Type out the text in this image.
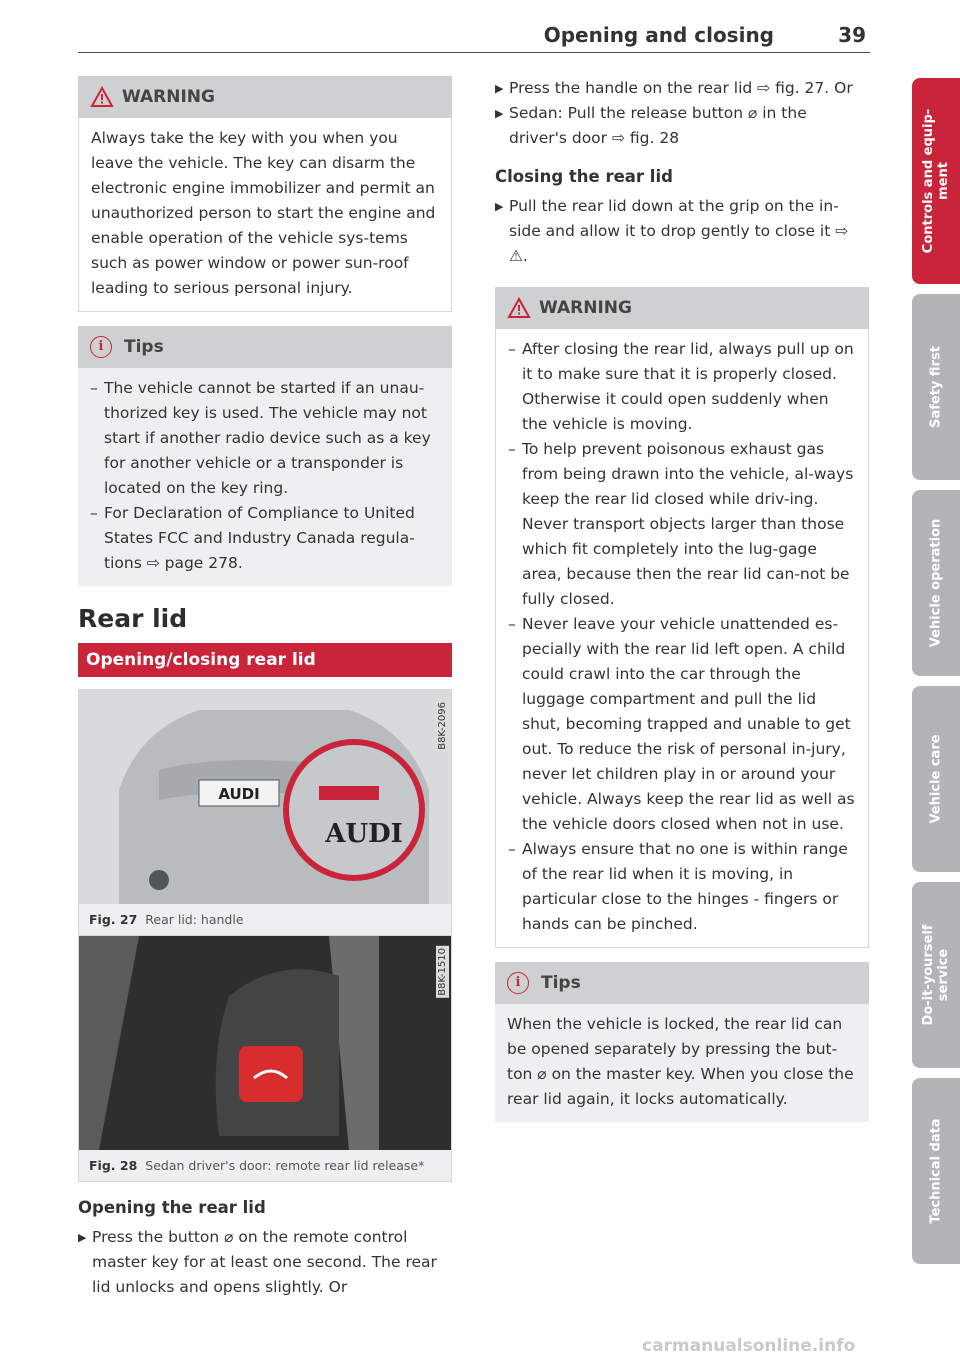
Opening and closing	39
WARNING
Always take the key with you when you leave the vehicle. The key can disarm the electronic engine immobilizer and permit an unauthorized person to start the engine and enable operation of the vehicle sys-tems such as power window or power sun-roof leading to serious personal injury.
i	Tips
– The vehicle cannot be started if an unau-thorized key is used. The vehicle may not start if another radio device such as a key for another vehicle or a transponder is located on the key ring.
– For Declaration of Compliance to United States FCC and Industry Canada regula-tions ⇨ page 278.
Rear lid
Opening/closing rear lid
AUDI
AUDI
B8K-2096
Fig. 27 Rear lid: handle
B8K-1510
Fig. 28 Sedan driver's door: remote rear lid release*
Opening the rear lid
▶ Press the button ⌀ on the remote control master key for at least one second. The rear lid unlocks and opens slightly. Or
▶ Press the handle on the rear lid ⇨ fig. 27. Or
▶ Sedan: Pull the release button ⌀ in the driver's door ⇨ fig. 28
Closing the rear lid
▶ Pull the rear lid down at the grip on the in-side and allow it to drop gently to close it ⇨ ⚠.
WARNING
– After closing the rear lid, always pull up on it to make sure that it is properly closed. Otherwise it could open suddenly when the vehicle is moving.
– To help prevent poisonous exhaust gas from being drawn into the vehicle, al-ways keep the rear lid closed while driv-ing. Never transport objects larger than those which fit completely into the lug-gage area, because then the rear lid can-not be fully closed.
– Never leave your vehicle unattended es-pecially with the rear lid left open. A child could crawl into the car through the luggage compartment and pull the lid shut, becoming trapped and unable to get out. To reduce the risk of personal in-jury, never let children play in or around your vehicle. Always keep the rear lid as well as the vehicle doors closed when not in use.
– Always ensure that no one is within range of the rear lid when it is moving, in particular close to the hinges - fingers or hands can be pinched.
i	Tips
When the vehicle is locked, the rear lid can be opened separately by pressing the but-ton ⌀ on the master key. When you close the rear lid again, it locks automatically.
Controls and equip-
ment
Safety first
Vehicle operation
Vehicle care
Do-it-yourself
service
Technical data
carmanualsonline.info
